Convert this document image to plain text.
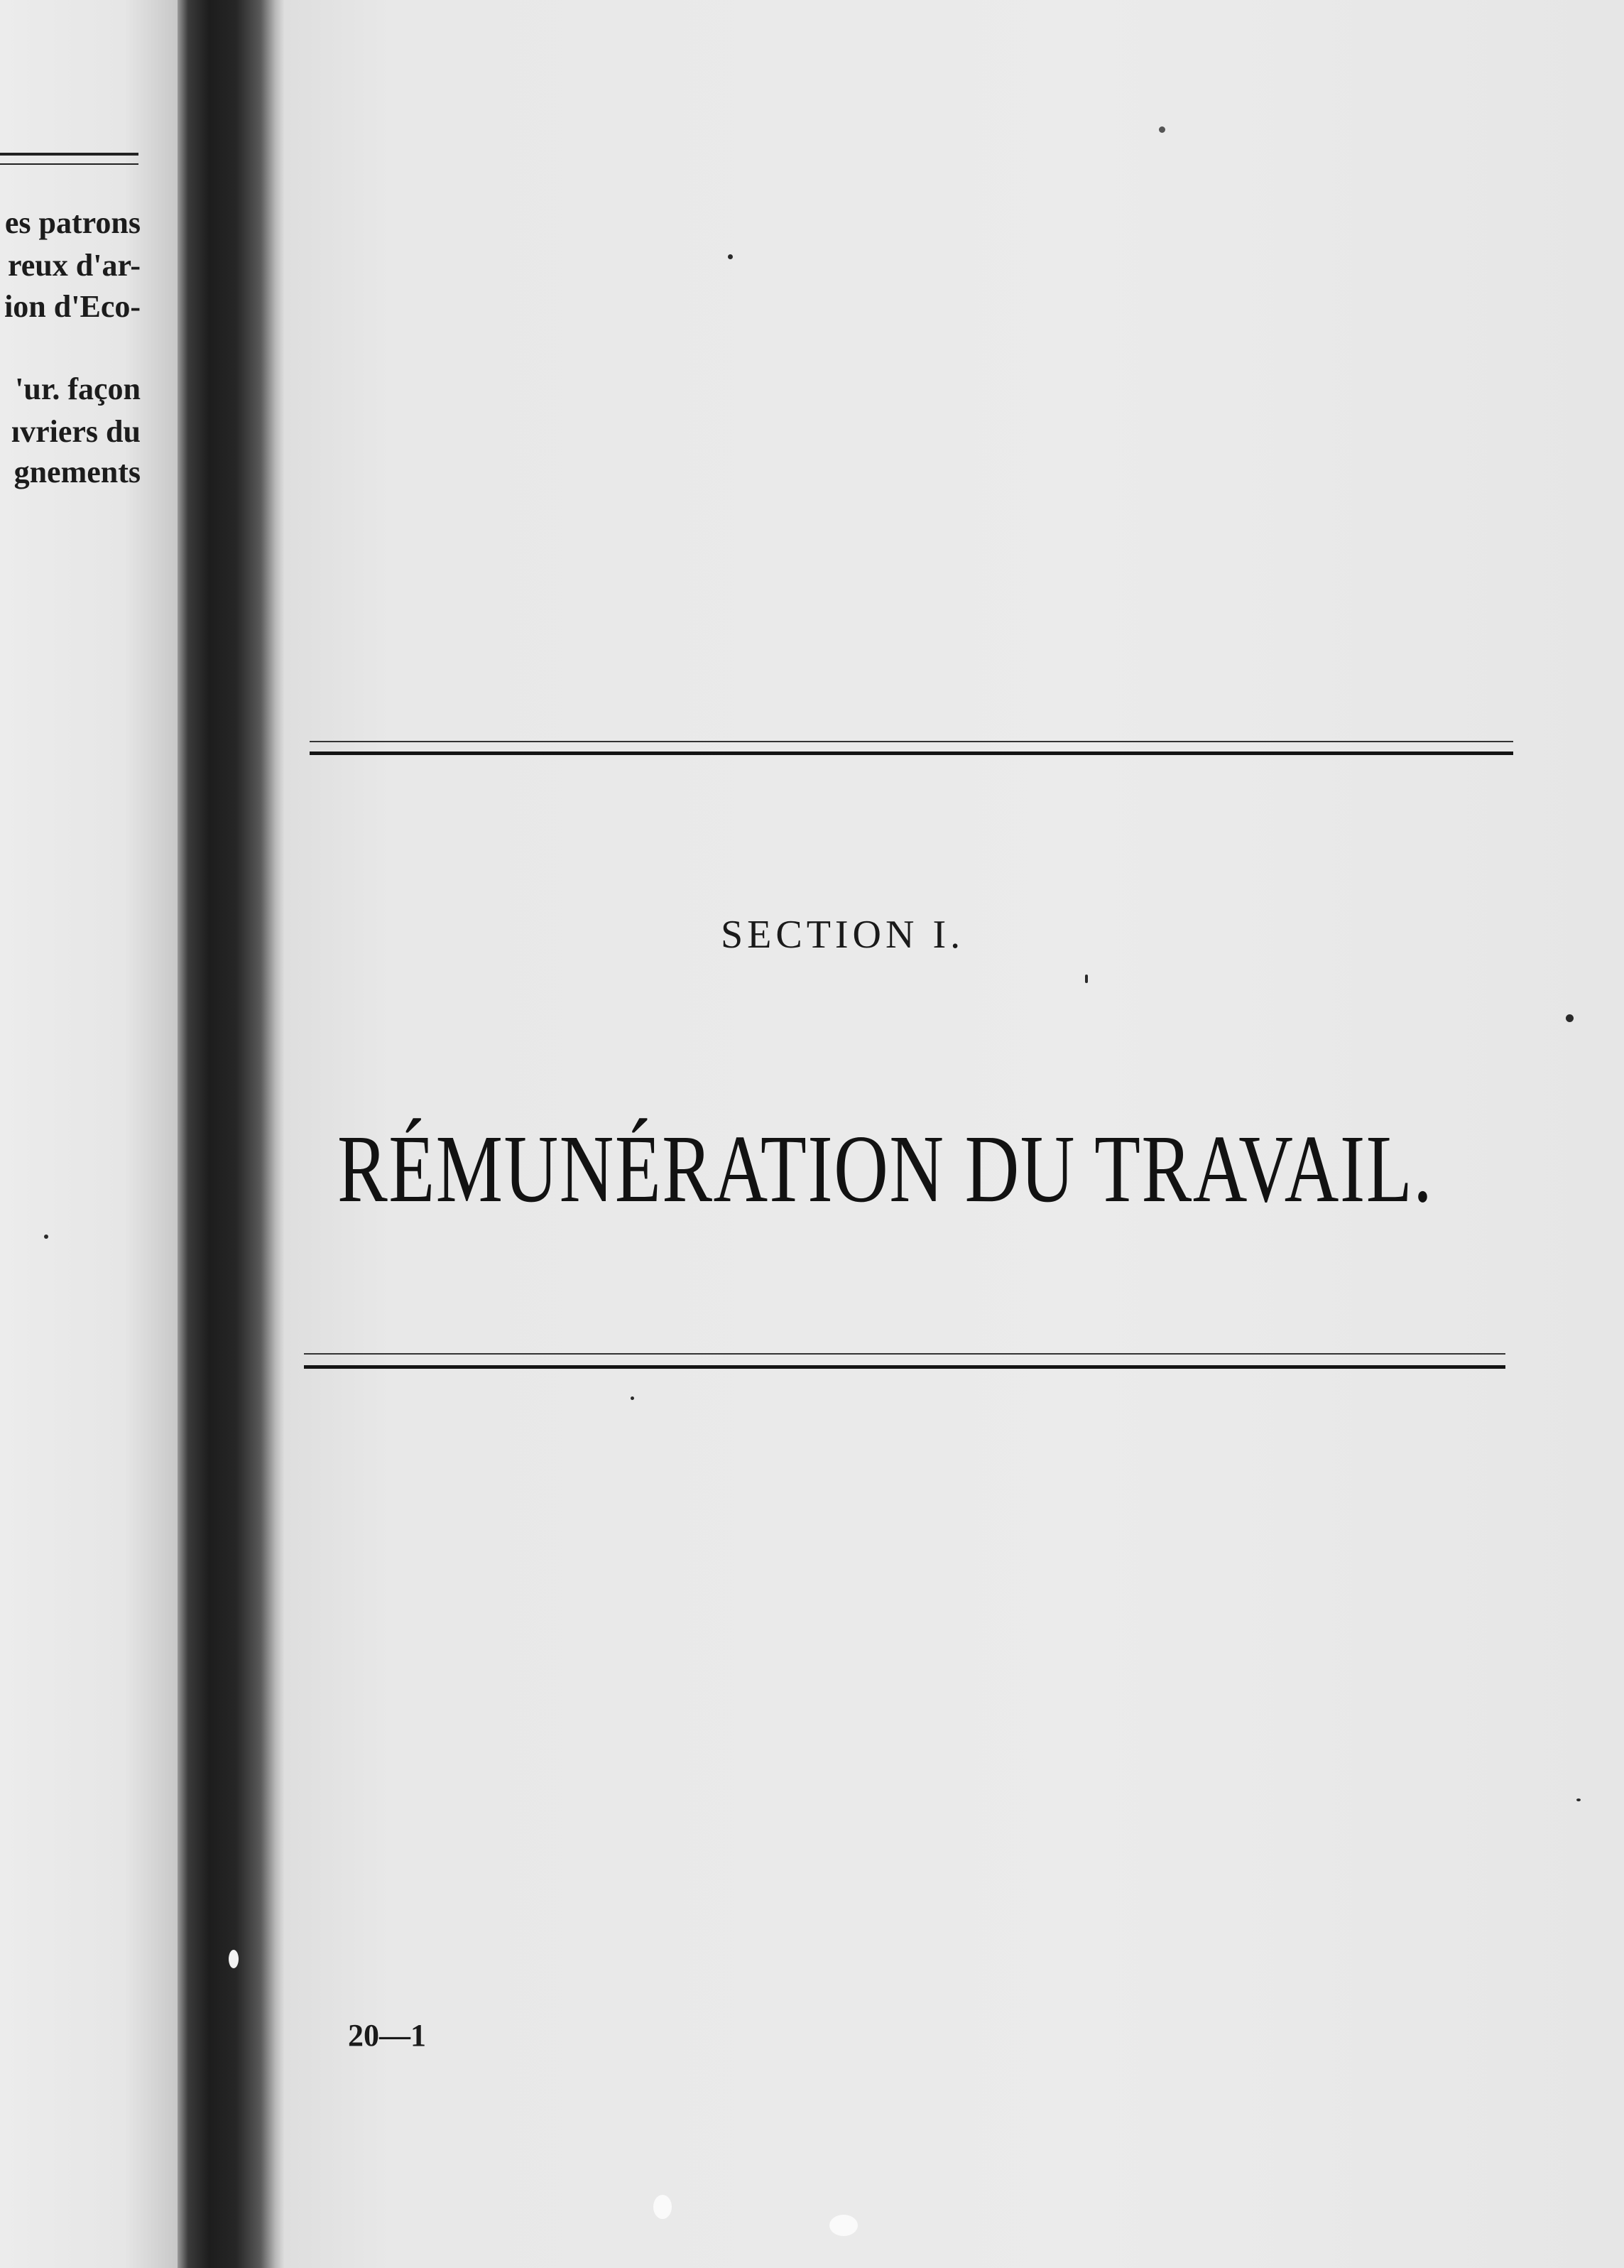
es patrons
reux d'ar-
ion d'Eco-
'ur. façon
ıvriers du
gnements
SECTION I.
RÉMUNÉRATION DU TRAVAIL.
20—1
